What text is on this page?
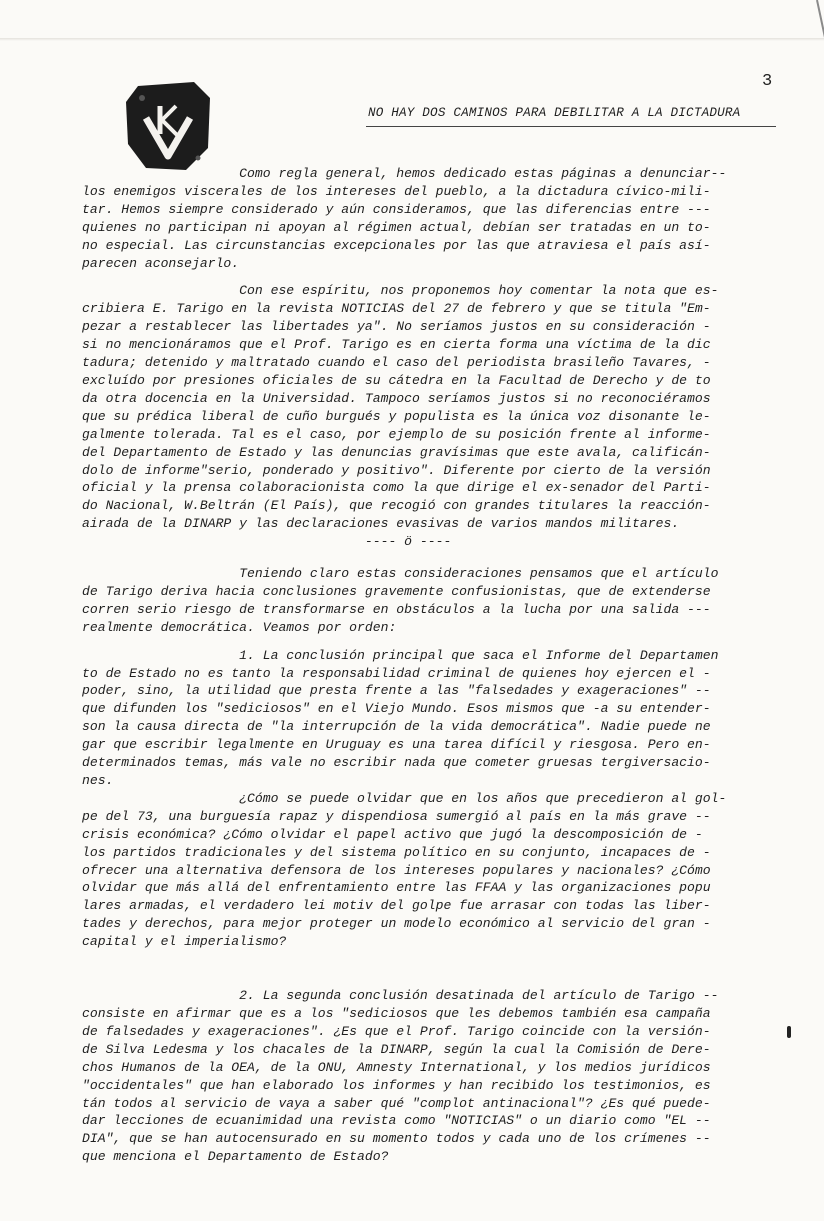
3
NO HAY DOS CAMINOS PARA DEBILITAR A LA DICTADURA
Como regla general, hemos dedicado estas páginas a denunciar--
los enemigos viscerales de los intereses del pueblo, a la dictadura cívico-mili-
tar. Hemos siempre considerado y aún consideramos, que las diferencias entre ---
quienes no participan ni apoyan al régimen actual, debían ser tratadas en un to-
no especial. Las circunstancias excepcionales por las que atraviesa el país así-
parecen aconsejarlo.
Con ese espíritu, nos proponemos hoy comentar la nota que es-
cribiera E. Tarigo en la revista NOTICIAS del 27 de febrero y que se titula "Em-
pezar a restablecer las libertades ya". No seríamos justos en su consideración -
si no mencionáramos que el Prof. Tarigo es en cierta forma una víctima de la dic
tadura; detenido y maltratado cuando el caso del periodista brasileño Tavares, -
excluído por presiones oficiales de su cátedra en la Facultad de Derecho y de to
da otra docencia en la Universidad. Tampoco seríamos justos si no reconociéramos
que su prédica liberal de cuño burgués y populista es la única voz disonante le-
galmente tolerada. Tal es el caso, por ejemplo de su posición frente al informe-
del Departamento de Estado y las denuncias gravísimas que este avala, calificán-
dolo de informe"serio, ponderado y positivo". Diferente por cierto de la versión
oficial y la prensa colaboracionista como la que dirige el ex-senador del Parti-
do Nacional, W.Beltrán (El País), que recogió con grandes titulares la reacción-
airada de la DINARP y las declaraciones evasivas de varios mandos militares.
---- ö ----
Teniendo claro estas consideraciones pensamos que el artículo
de Tarigo deriva hacia conclusiones gravemente confusionistas, que de extenderse
corren serio riesgo de transformarse en obstáculos a la lucha por una salida ---
realmente democrática. Veamos por orden:
1. La conclusión principal que saca el Informe del Departamen
to de Estado no es tanto la responsabilidad criminal de quienes hoy ejercen el -
poder, sino, la utilidad que presta frente a las "falsedades y exageraciones" --
que difunden los "sediciosos" en el Viejo Mundo. Esos mismos que -a su entender-
son la causa directa de "la interrupción de la vida democrática". Nadie puede ne
gar que escribir legalmente en Uruguay es una tarea difícil y riesgosa. Pero en-
determinados temas, más vale no escribir nada que cometer gruesas tergiversacio-
nes.
¿Cómo se puede olvidar que en los años que precedieron al gol-
pe del 73, una burguesía rapaz y dispendiosa sumergió al país en la más grave --
crisis económica? ¿Cómo olvidar el papel activo que jugó la descomposición de -
los partidos tradicionales y del sistema político en su conjunto, incapaces de -
ofrecer una alternativa defensora de los intereses populares y nacionales? ¿Cómo
olvidar que más allá del enfrentamiento entre las FFAA y las organizaciones popu
lares armadas, el verdadero lei motiv del golpe fue arrasar con todas las liber-
tades y derechos, para mejor proteger un modelo económico al servicio del gran -
capital y el imperialismo?
2. La segunda conclusión desatinada del artículo de Tarigo --
consiste en afirmar que es a los "sediciosos que les debemos también esa campaña
de falsedades y exageraciones". ¿Es que el Prof. Tarigo coincide con la versión-
de Silva Ledesma y los chacales de la DINARP, según la cual la Comisión de Dere-
chos Humanos de la OEA, de la ONU, Amnesty International, y los medios jurídicos
"occidentales" que han elaborado los informes y han recibido los testimonios, es
tán todos al servicio de vaya a saber qué "complot antinacional"? ¿Es qué puede-
dar lecciones de ecuanimidad una revista como "NOTICIAS" o un diario como "EL --
DIA", que se han autocensurado en su momento todos y cada uno de los crímenes --
que menciona el Departamento de Estado?
